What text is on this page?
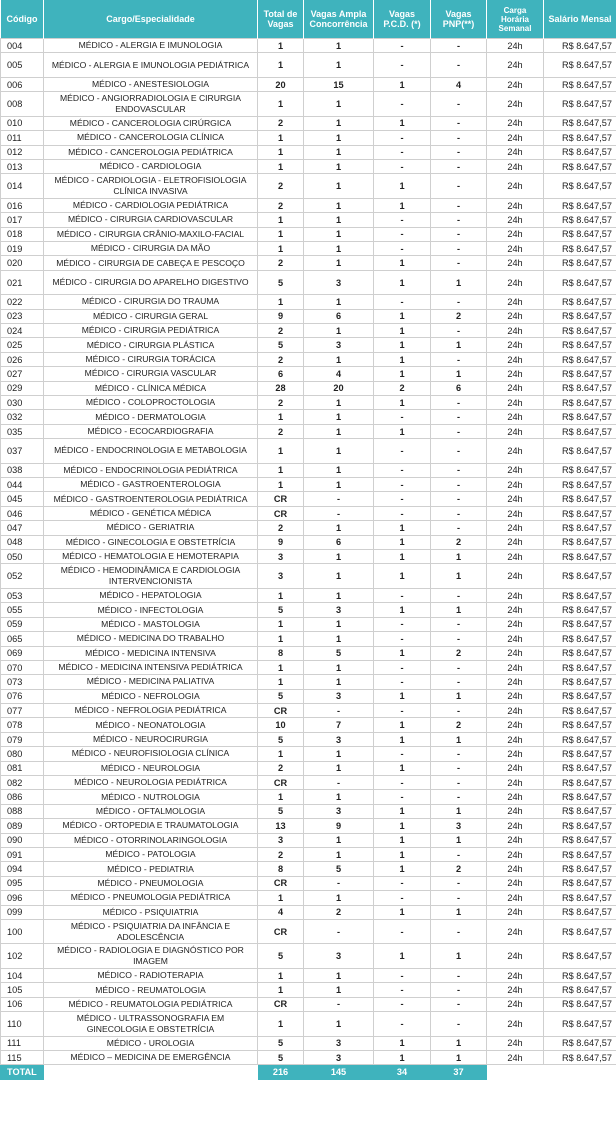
Código	Cargo/Especialidade	Total de Vagas	Vagas Ampla Concorrência	Vagas P.C.D. (*)	Vagas PNP(**)	Carga Horária Semanal	Salário Mensal
004	MÉDICO - ALERGIA E IMUNOLOGIA	1	1	-	-	24h	R$ 8.647,57
005	MÉDICO - ALERGIA E IMUNOLOGIA PEDIÁTRICA	1	1	-	-	24h	R$ 8.647,57
006	MÉDICO - ANESTESIOLOGIA	20	15	1	4	24h	R$ 8.647,57
008	MÉDICO - ANGIORRADIOLOGIA E CIRURGIA ENDOVASCULAR	1	1	-	-	24h	R$ 8.647,57
010	MÉDICO - CANCEROLOGIA CIRÚRGICA	2	1	1	-	24h	R$ 8.647,57
011	MÉDICO - CANCEROLOGIA CLÍNICA	1	1	-	-	24h	R$ 8.647,57
012	MÉDICO - CANCEROLOGIA PEDIÁTRICA	1	1	-	-	24h	R$ 8.647,57
013	MÉDICO - CARDIOLOGIA	1	1	-	-	24h	R$ 8.647,57
014	MÉDICO - CARDIOLOGIA - ELETROFISIOLOGIA CLÍNICA INVASIVA	2	1	1	-	24h	R$ 8.647,57
016	MÉDICO - CARDIOLOGIA PEDIÁTRICA	2	1	1	-	24h	R$ 8.647,57
017	MÉDICO - CIRURGIA CARDIOVASCULAR	1	1	-	-	24h	R$ 8.647,57
018	MÉDICO - CIRURGIA CRÂNIO-MAXILO-FACIAL	1	1	-	-	24h	R$ 8.647,57
019	MÉDICO - CIRURGIA DA MÃO	1	1	-	-	24h	R$ 8.647,57
020	MÉDICO - CIRURGIA DE CABEÇA E PESCOÇO	2	1	1	-	24h	R$ 8.647,57
021	MÉDICO - CIRURGIA DO APARELHO DIGESTIVO	5	3	1	1	24h	R$ 8.647,57
022	MÉDICO - CIRURGIA DO TRAUMA	1	1	-	-	24h	R$ 8.647,57
023	MÉDICO - CIRURGIA GERAL	9	6	1	2	24h	R$ 8.647,57
024	MÉDICO - CIRURGIA PEDIÁTRICA	2	1	1	-	24h	R$ 8.647,57
025	MÉDICO - CIRURGIA PLÁSTICA	5	3	1	1	24h	R$ 8.647,57
026	MÉDICO - CIRURGIA TORÁCICA	2	1	1	-	24h	R$ 8.647,57
027	MÉDICO - CIRURGIA VASCULAR	6	4	1	1	24h	R$ 8.647,57
029	MÉDICO - CLÍNICA MÉDICA	28	20	2	6	24h	R$ 8.647,57
030	MÉDICO - COLOPROCTOLOGIA	2	1	1	-	24h	R$ 8.647,57
032	MÉDICO - DERMATOLOGIA	1	1	-	-	24h	R$ 8.647,57
035	MÉDICO - ECOCARDIOGRAFIA	2	1	1	-	24h	R$ 8.647,57
037	MÉDICO - ENDOCRINOLOGIA E METABOLOGIA	1	1	-	-	24h	R$ 8.647,57
038	MÉDICO - ENDOCRINOLOGIA PEDIÁTRICA	1	1	-	-	24h	R$ 8.647,57
044	MÉDICO - GASTROENTEROLOGIA	1	1	-	-	24h	R$ 8.647,57
045	MÉDICO - GASTROENTEROLOGIA PEDIÁTRICA	CR	-	-	-	24h	R$ 8.647,57
046	MÉDICO - GENÉTICA MÉDICA	CR	-	-	-	24h	R$ 8.647,57
047	MÉDICO - GERIATRIA	2	1	1	-	24h	R$ 8.647,57
048	MÉDICO - GINECOLOGIA E OBSTETRÍCIA	9	6	1	2	24h	R$ 8.647,57
050	MÉDICO - HEMATOLOGIA E HEMOTERAPIA	3	1	1	1	24h	R$ 8.647,57
052	MÉDICO - HEMODINÂMICA E CARDIOLOGIA INTERVENCIONISTA	3	1	1	1	24h	R$ 8.647,57
053	MÉDICO - HEPATOLOGIA	1	1	-	-	24h	R$ 8.647,57
055	MÉDICO - INFECTOLOGIA	5	3	1	1	24h	R$ 8.647,57
059	MÉDICO - MASTOLOGIA	1	1	-	-	24h	R$ 8.647,57
065	MÉDICO - MEDICINA DO TRABALHO	1	1	-	-	24h	R$ 8.647,57
069	MÉDICO - MEDICINA INTENSIVA	8	5	1	2	24h	R$ 8.647,57
070	MÉDICO - MEDICINA INTENSIVA PEDIÁTRICA	1	1	-	-	24h	R$ 8.647,57
073	MÉDICO - MEDICINA PALIATIVA	1	1	-	-	24h	R$ 8.647,57
076	MÉDICO - NEFROLOGIA	5	3	1	1	24h	R$ 8.647,57
077	MÉDICO - NEFROLOGIA PEDIÁTRICA	CR	-	-	-	24h	R$ 8.647,57
078	MÉDICO - NEONATOLOGIA	10	7	1	2	24h	R$ 8.647,57
079	MÉDICO - NEUROCIRURGIA	5	3	1	1	24h	R$ 8.647,57
080	MÉDICO - NEUROFISIOLOGIA CLÍNICA	1	1	-	-	24h	R$ 8.647,57
081	MÉDICO - NEUROLOGIA	2	1	1	-	24h	R$ 8.647,57
082	MÉDICO - NEUROLOGIA PEDIÁTRICA	CR	-	-	-	24h	R$ 8.647,57
086	MÉDICO - NUTROLOGIA	1	1	-	-	24h	R$ 8.647,57
088	MÉDICO - OFTALMOLOGIA	5	3	1	1	24h	R$ 8.647,57
089	MÉDICO - ORTOPEDIA E TRAUMATOLOGIA	13	9	1	3	24h	R$ 8.647,57
090	MÉDICO - OTORRINOLARINGOLOGIA	3	1	1	1	24h	R$ 8.647,57
091	MÉDICO - PATOLOGIA	2	1	1	-	24h	R$ 8.647,57
094	MÉDICO - PEDIATRIA	8	5	1	2	24h	R$ 8.647,57
095	MÉDICO - PNEUMOLOGIA	CR	-	-	-	24h	R$ 8.647,57
096	MÉDICO - PNEUMOLOGIA PEDIÁTRICA	1	1	-	-	24h	R$ 8.647,57
099	MÉDICO - PSIQUIATRIA	4	2	1	1	24h	R$ 8.647,57
100	MÉDICO - PSIQUIATRIA DA INFÂNCIA E ADOLESCÊNCIA	CR	-	-	-	24h	R$ 8.647,57
102	MÉDICO - RADIOLOGIA E DIAGNÓSTICO POR IMAGEM	5	3	1	1	24h	R$ 8.647,57
104	MÉDICO - RADIOTERAPIA	1	1	-	-	24h	R$ 8.647,57
105	MÉDICO - REUMATOLOGIA	1	1	-	-	24h	R$ 8.647,57
106	MÉDICO - REUMATOLOGIA PEDIÁTRICA	CR	-	-	-	24h	R$ 8.647,57
110	MÉDICO - ULTRASSONOGRAFIA EM GINECOLOGIA E OBSTETRÍCIA	1	1	-	-	24h	R$ 8.647,57
111	MÉDICO - UROLOGIA	5	3	1	1	24h	R$ 8.647,57
115	MÉDICO – MEDICINA DE EMERGÊNCIA	5	3	1	1	24h	R$ 8.647,57
TOTAL		216	145	34	37		
